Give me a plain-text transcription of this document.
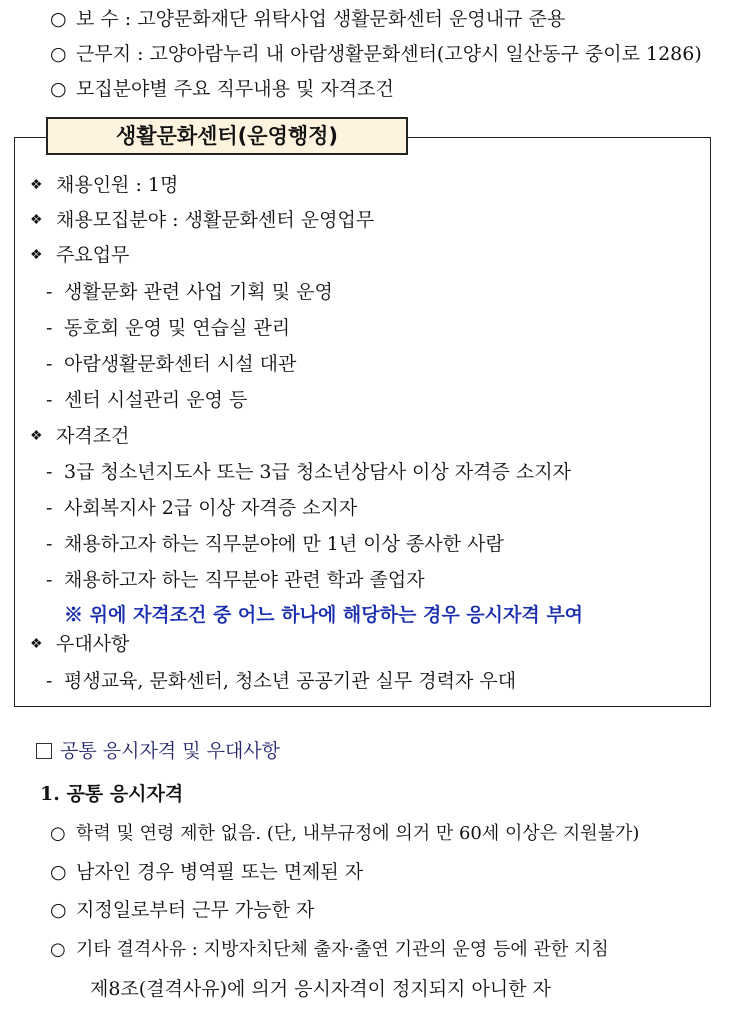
○ 보 수 : 고양문화재단 위탁사업 생활문화센터 운영내규 준용
○ 근무지 : 고양아람누리 내 아람생활문화센터(고양시 일산동구 중이로 1286)
○ 모집분야별 주요 직무내용 및 자격조건
생활문화센터(운영행정)
❖ 채용인원 : 1명
❖ 채용모집분야 : 생활문화센터 운영업무
❖ 주요업무
- 생활문화 관련 사업 기획 및 운영
- 동호회 운영 및 연습실 관리
- 아람생활문화센터 시설 대관
- 센터 시설관리 운영 등
❖ 자격조건
- 3급 청소년지도사 또는 3급 청소년상담사 이상 자격증 소지자
- 사회복지사 2급 이상 자격증 소지자
- 채용하고자 하는 직무분야에 만 1년 이상 종사한 사람
- 채용하고자 하는 직무분야 관련 학과 졸업자
※ 위에 자격조건 중 어느 하나에 해당하는 경우 응시자격 부여
❖ 우대사항
- 평생교육, 문화센터, 청소년 공공기관 실무 경력자 우대
공통 응시자격 및 우대사항
1. 공통 응시자격
○ 학력 및 연령 제한 없음. (단, 내부규정에 의거 만 60세 이상은 지원불가)
○ 남자인 경우 병역필 또는 면제된 자
○ 지정일로부터 근무 가능한 자
○ 기타 결격사유 : 지방자치단체 출자·출연 기관의 운영 등에 관한 지침
제8조(결격사유)에 의거 응시자격이 정지되지 아니한 자
